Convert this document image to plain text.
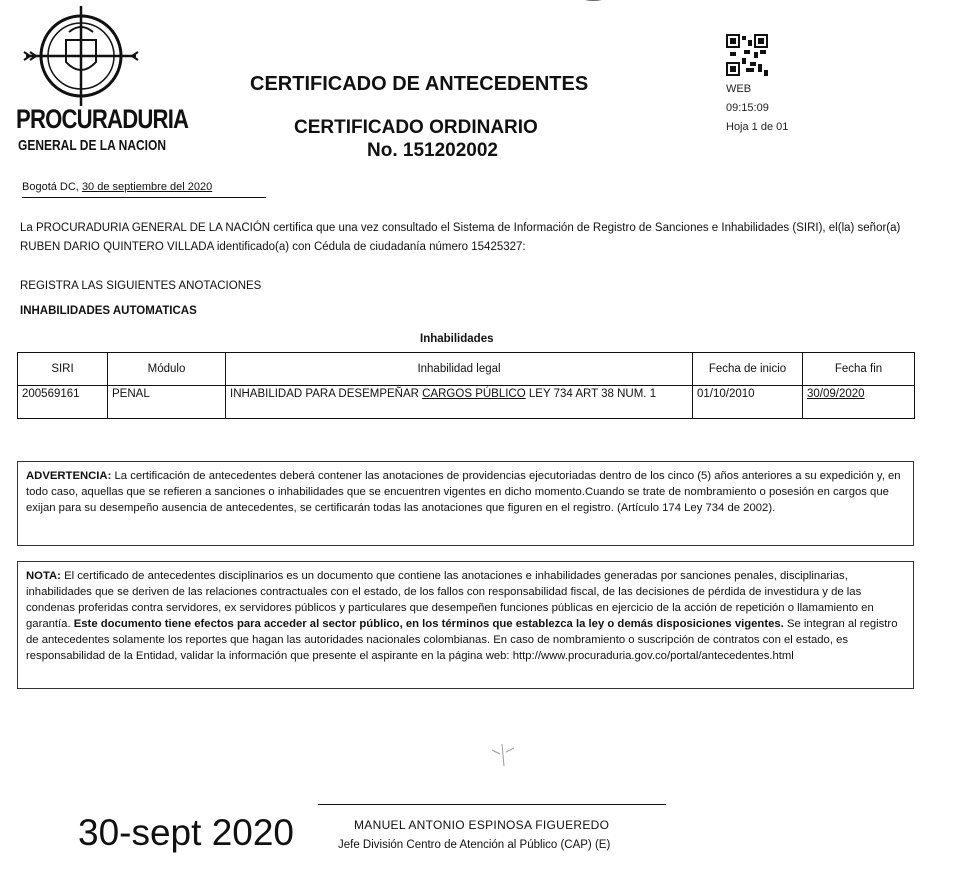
PROCURADURIA
GENERAL DE LA NACION
CERTIFICADO DE ANTECEDENTES
CERTIFICADO ORDINARIO
No. 151202002
WEB
09:15:09
Hoja 1 de 01
Bogotá DC, 30 de septiembre del 2020
La PROCURADURIA GENERAL DE LA NACIÓN certifica que una vez consultado el Sistema de Información de Registro de Sanciones e Inhabilidades (SIRI), el(la) señor(a) RUBEN DARIO QUINTERO VILLADA identificado(a) con Cédula de ciudadanía número 15425327:
REGISTRA LAS SIGUIENTES ANOTACIONES
INHABILIDADES AUTOMATICAS
Inhabilidades
SIRI	Módulo	Inhabilidad legal	Fecha de inicio	Fecha fin
200569161	PENAL	INHABILIDAD PARA DESEMPEÑAR CARGOS PÚBLICO LEY 734 ART 38 NUM. 1	01/10/2010	30/09/2020
ADVERTENCIA: La certificación de antecedentes deberá contener las anotaciones de providencias ejecutoriadas dentro de los cinco (5) años anteriores a su expedición y, en todo caso, aquellas que se refieren a sanciones o inhabilidades que se encuentren vigentes en dicho momento.Cuando se trate de nombramiento o posesión en cargos que exijan para su desempeño ausencia de antecedentes, se certificarán todas las anotaciones que figuren en el registro. (Artículo 174 Ley 734 de 2002).
NOTA: El certificado de antecedentes disciplinarios es un documento que contiene las anotaciones e inhabilidades generadas por sanciones penales, disciplinarias, inhabilidades que se deriven de las relaciones contractuales con el estado, de los fallos con responsabilidad fiscal, de las decisiones de pérdida de investidura y de las condenas proferidas contra servidores, ex servidores públicos y particulares que desempeñen funciones públicas en ejercicio de la acción de repetición o llamamiento en garantía. Este documento tiene efectos para acceder al sector público, en los términos que establezca la ley o demás disposiciones vigentes. Se integran al registro de antecedentes solamente los reportes que hagan las autoridades nacionales colombianas. En caso de nombramiento o suscripción de contratos con el estado, es responsabilidad de la Entidad, validar la información que presente el aspirante en la página web: http://www.procuraduria.gov.co/portal/antecedentes.html
30-sept 2020	MANUEL ANTONIO ESPINOSA FIGUEREDO
Jefe División Centro de Atención al Público (CAP) (E)
